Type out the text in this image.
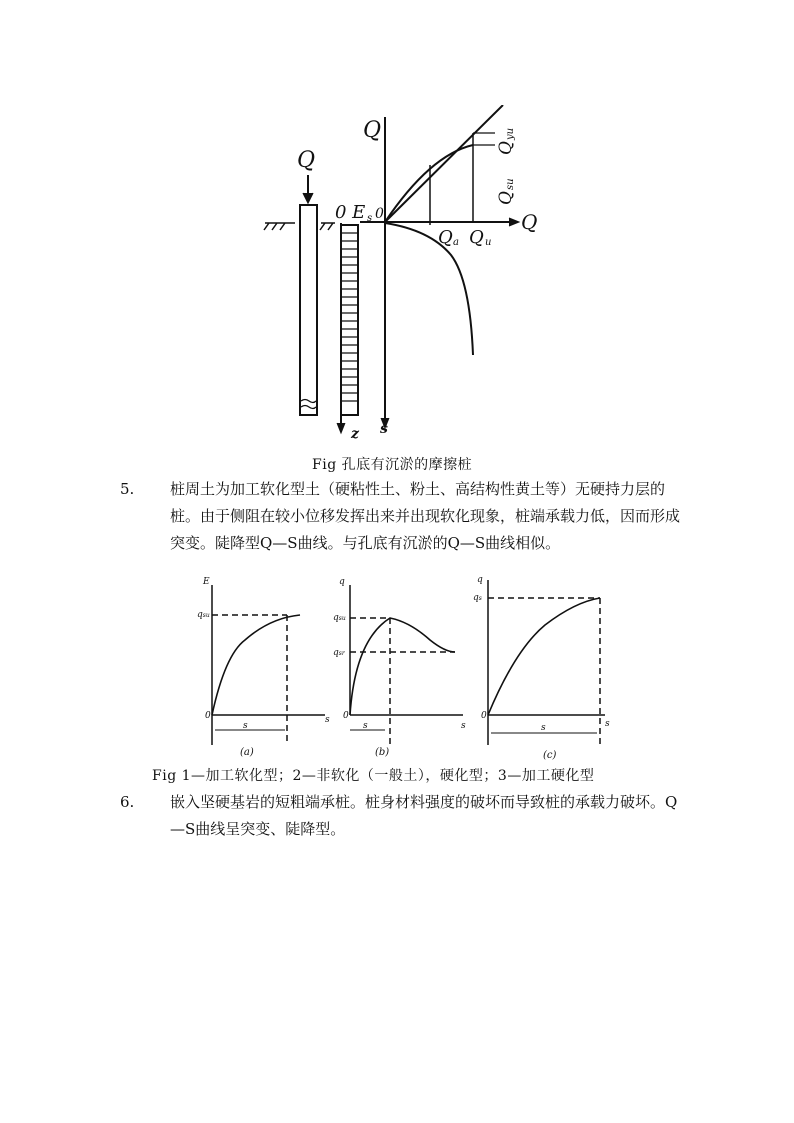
Q
Q
Q
0 E s 0
Q a Q u
Q
yu
Q
su
z s
Fig 孔底有沉淤的摩擦桩
5. 桩周土为加工软化型土（硬粘性土、粉土、高结构性黄土等）无硬持力层的桩。由于侧阻在较小位移发挥出来并出现软化现象，桩端承载力低，因而形成突变。陡降型Q—S曲线。与孔底有沉淤的Q—S曲线相似。
E
qsu
0	s
s
(a)
q
qsu
qsr
0
s
s
(b)
q
qs
0
s
s
(c)
Fig 1—加工软化型；2—非软化（一般土），硬化型；3—加工硬化型
6. 嵌入坚硬基岩的短粗端承桩。桩身材料强度的破坏而导致桩的承载力破坏。Q—S曲线呈突变、陡降型。
